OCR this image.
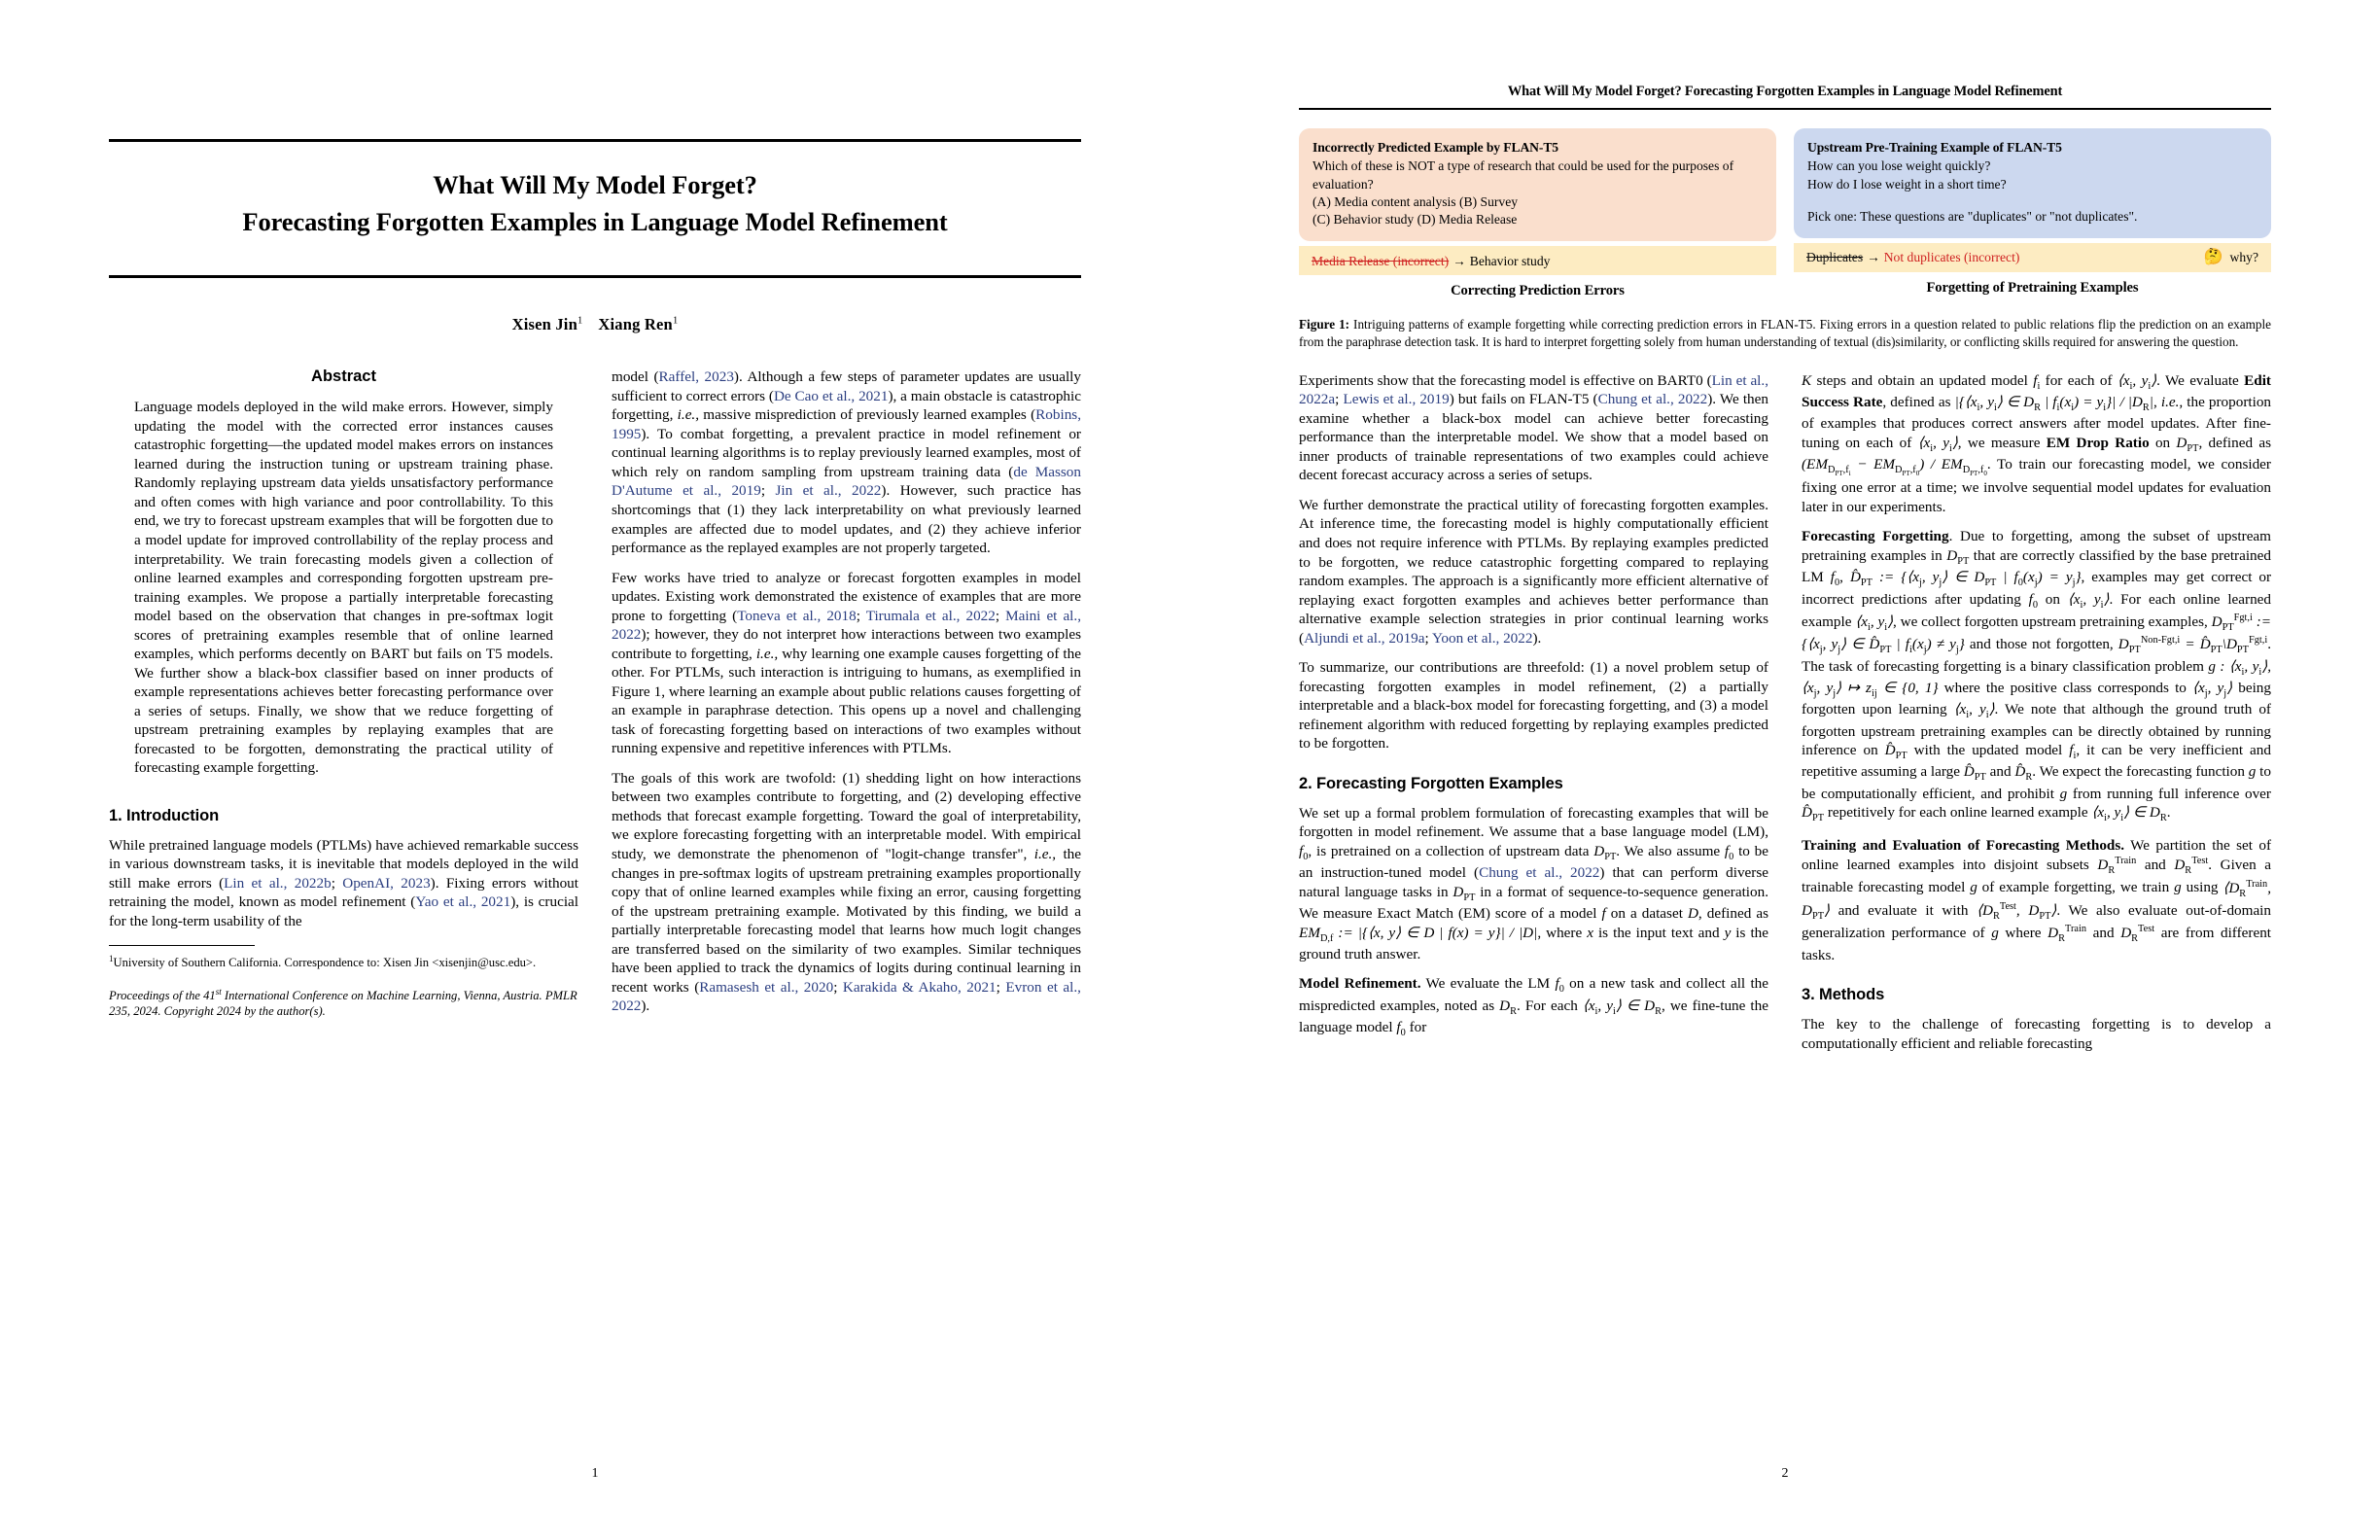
What Will My Model Forget?
Forecasting Forgotten Examples in Language Model Refinement
Xisen Jin$^1$ Xiang Ren$^1$
Abstract

Language models deployed in the wild make errors. However, simply updating the model with the corrected error instances causes catastrophic forgetting—the updated model makes errors on instances learned during the instruction tuning or upstream training phase. Randomly replaying upstream data yields unsatisfactory performance and often comes with high variance and poor controllability. To this end, we try to forecast upstream examples that will be forgotten due to a model update for improved controllability of the replay process and interpretability. We train forecasting models given a collection of online learned examples and corresponding forgotten upstream pre-training examples. We propose a partially interpretable forecasting model based on the observation that changes in pre-softmax logit scores of pretraining examples resemble that of online learned examples, which performs decently on BART but fails on T5 models. We further show a black-box classifier based on inner products of example representations achieves better forecasting performance over a series of setups. Finally, we show that we reduce forgetting of upstream pretraining examples by replaying examples that are forecasted to be forgotten, demonstrating the practical utility of forecasting example forgetting.

1. Introduction

While pretrained language models (PTLMs) have achieved remarkable success in various downstream tasks, it is inevitable that models deployed in the wild still make errors (Lin et al., 2022b; OpenAI, 2023). Fixing errors without retraining the model, known as model refinement (Yao et al., 2021), is crucial for the long-term usability of the

$^1$University of Southern California. Correspondence to: Xisen Jin <xisenjin@usc.edu>.

Proceedings of the 41st International Conference on Machine Learning, Vienna, Austria. PMLR 235, 2024. Copyright 2024 by the author(s).

model (Raffel, 2023). Although a few steps of parameter updates are usually sufficient to correct errors (De Cao et al., 2021), a main obstacle is catastrophic forgetting, i.e., massive misprediction of previously learned examples (Robins, 1995). To combat forgetting, a prevalent practice in model refinement or continual learning algorithms is to replay previously learned examples, most of which rely on random sampling from upstream training data (de Masson D'Autume et al., 2019; Jin et al., 2022). However, such practice has shortcomings that (1) they lack interpretability on what previously learned examples are affected due to model updates, and (2) they achieve inferior performance as the replayed examples are not properly targeted.

Few works have tried to analyze or forecast forgotten examples in model updates. Existing work demonstrated the existence of examples that are more prone to forgetting (Toneva et al., 2018; Tirumala et al., 2022; Maini et al., 2022); however, they do not interpret how interactions between two examples contribute to forgetting, i.e., why learning one example causes forgetting of the other. For PTLMs, such interaction is intriguing to humans, as exemplified in Figure 1, where learning an example about public relations causes forgetting of an example in paraphrase detection. This opens up a novel and challenging task of forecasting forgetting based on interactions of two examples without running expensive and repetitive inferences with PTLMs.

The goals of this work are twofold: (1) shedding light on how interactions between two examples contribute to forgetting, and (2) developing effective methods that forecast example forgetting. Toward the goal of interpretability, we explore forecasting forgetting with an interpretable model. With empirical study, we demonstrate the phenomenon of "logit-change transfer", i.e., the changes in pre-softmax logits of upstream pretraining examples proportionally copy that of online learned examples while fixing an error, causing forgetting of the upstream pretraining example. Motivated by this finding, we build a partially interpretable forecasting model that learns how much logit changes are transferred based on the similarity of two examples. Similar techniques have been applied to track the dynamics of logits during continual learning in recent works (Ramasesh et al., 2020; Karakida & Akaho, 2021; Evron et al., 2022).

1
What Will My Model Forget? Forecasting Forgotten Examples in Language Model Refinement
Incorrectly Predicted Example by FLAN-T5
Which of these is NOT a type of research that could be used for the purposes of evaluation?
(A) Media content analysis (B) Survey
(C) Behavior study (D) Media Release
Media Release (incorrect) → Behavior study
Correcting Prediction Errors
Upstream Pre-Training Example of FLAN-T5
How can you lose weight quickly?
How do I lose weight in a short time?
Pick one: These questions are "duplicates" or "not duplicates".
Duplicates → Not duplicates (incorrect)	🤔 why?
Forgetting of Pretraining Examples
Figure 1: Intriguing patterns of example forgetting while correcting prediction errors in FLAN-T5. Fixing errors in a question related to public relations flip the prediction on an example from the paraphrase detection task. It is hard to interpret forgetting solely from human understanding of textual (dis)similarity, or conflicting skills required for answering the question.

Experiments show that the forecasting model is effective on BART0 (Lin et al., 2022a; Lewis et al., 2019) but fails on FLAN-T5 (Chung et al., 2022). We then examine whether a black-box model can achieve better forecasting performance than the interpretable model. We show that a model based on inner products of trainable representations of two examples could achieve decent forecast accuracy across a series of setups.

We further demonstrate the practical utility of forecasting forgotten examples. At inference time, the forecasting model is highly computationally efficient and does not require inference with PTLMs. By replaying examples predicted to be forgotten, we reduce catastrophic forgetting compared to replaying random examples. The approach is a significantly more efficient alternative of replaying exact forgotten examples and achieves better performance than alternative example selection strategies in prior continual learning works (Aljundi et al., 2019a; Yoon et al., 2022).

To summarize, our contributions are threefold: (1) a novel problem setup of forecasting forgotten examples in model refinement, (2) a partially interpretable and a black-box model for forecasting forgetting, and (3) a model refinement algorithm with reduced forgetting by replaying examples predicted to be forgotten.

2. Forecasting Forgotten Examples

We set up a formal problem formulation of forecasting examples that will be forgotten in model refinement. We assume that a base language model (LM), $f_0$, is pretrained on a collection of upstream data $D_{PT}$. We also assume $f_0$ to be an instruction-tuned model (Chung et al., 2022) that can perform diverse natural language tasks in $D_{PT}$ in a format of sequence-to-sequence generation. We measure Exact Match (EM) score of a model f on a dataset D, defined as $EM_{D,f}$ := |{⟨x, y⟩ ∈ D | f(x) = y}| / |D|, where x is the input text and y is the ground truth answer.

Model Refinement. We evaluate the LM $f_0$ on a new task and collect all the mispredicted examples, noted as $D_R$. For each $⟨x_i$, $y_i⟩$ ∈ $D_R$, we fine-tune the language model $f_0$ for

K steps and obtain an updated model $f_i$ for each of $⟨x_i$, $y_i⟩$. We evaluate Edit Success Rate, defined as $|\{⟨x_i$, $y_i⟩$ ∈ $D_R$ | $f_i(x_i) = y_i\}| / |D_R|$, i.e., the proportion of examples that produces correct answers after model updates. After fine-tuning on each of $⟨x_i$, $y_i⟩$, we measure EM Drop Ratio on $D_{PT}$, defined as $(EM_{D_{PT},f_i} - EM_{D_{PT},f_0}) / EM_{D_{PT},f_0}$. To train our forecasting model, we consider fixing one error at a time; we involve sequential model updates for evaluation later in our experiments.

Forecasting Forgetting. Due to forgetting, among the subset of upstream pretraining examples in $D_{PT}$ that are correctly classified by the base pretrained LM $f_0$, $D̂_{PT}$ := {$⟨x_j$, $y_j⟩$ ∈ $D_{PT}$ | $f_0(x_j) = y_j$}, examples may get correct or incorrect predictions after updating $f_0$ on $⟨x_i$, $y_i⟩$. For each online learned example $⟨x_i$, $y_i⟩$, we collect forgotten upstream pretraining examples, $D_{PT}^{Fgt,i}$ := {$⟨x_j$, $y_j⟩$ ∈ $D̂_{PT}$ | $f_i(x_j) \ne y_j$} and those not forgotten, $D_{PT}^{Non-Fgt,i}$ = $D̂_{PT}\backslash D_{PT}^{Fgt,i}$. The task of forecasting forgetting is a binary classification problem g : $⟨x_i$, $y_i⟩$, $⟨x_j$, $y_j⟩$ ↦ $z_{ij}$ ∈ {0, 1} where the positive class corresponds to $⟨x_j$, $y_j⟩$ being forgotten upon learning $⟨x_i$, $y_i⟩$. We note that although the ground truth of forgotten upstream pretraining examples can be directly obtained by running inference on $D̂_{PT}$ with the updated model $f_i$, it can be very inefficient and repetitive assuming a large $D̂_{PT}$ and $D̂_R$. We expect the forecasting function g to be computationally efficient, and prohibit g from running full inference over $D̂_{PT}$ repetitively for each online learned example $⟨x_i$, $y_i⟩$ ∈ $D_R$.

Training and Evaluation of Forecasting Methods. We partition the set of online learned examples into disjoint subsets $D_R^{Train}$ and $D_R^{Test}$. Given a trainable forecasting model g of example forgetting, we train g using $⟨D_R^{Train}$, $D_{PT}⟩$ and evaluate it with $⟨D_R^{Test}$, $D_{PT}⟩$. We also evaluate out-of-domain generalization performance of g where $D_R^{Train}$ and $D_R^{Test}$ are from different tasks.

3. Methods

The key to the challenge of forecasting forgetting is to develop a computationally efficient and reliable forecasting

2
